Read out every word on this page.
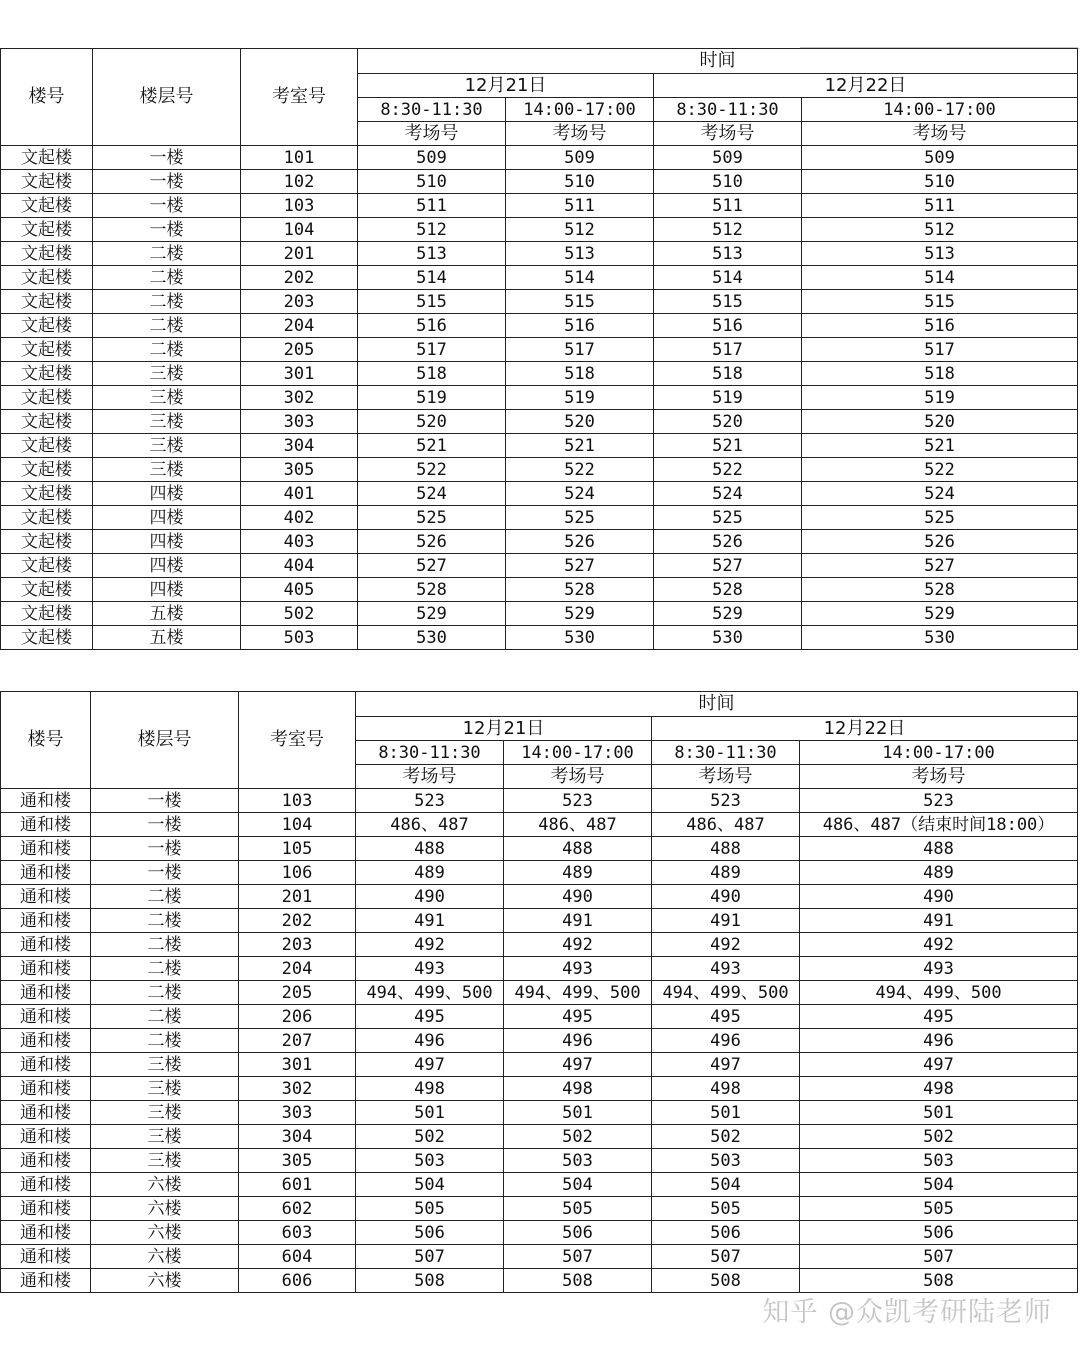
楼号	楼层号	考室号	时间			
			12月21日		12月22日	
			8:30-11:30	14:00-17:00	8:30-11:30	14:00-17:00
			考场号	考场号	考场号	考场号
文起楼	一楼	101	509	509	509	509
文起楼	一楼	102	510	510	510	510
文起楼	一楼	103	511	511	511	511
文起楼	一楼	104	512	512	512	512
文起楼	二楼	201	513	513	513	513
文起楼	二楼	202	514	514	514	514
文起楼	二楼	203	515	515	515	515
文起楼	二楼	204	516	516	516	516
文起楼	二楼	205	517	517	517	517
文起楼	三楼	301	518	518	518	518
文起楼	三楼	302	519	519	519	519
文起楼	三楼	303	520	520	520	520
文起楼	三楼	304	521	521	521	521
文起楼	三楼	305	522	522	522	522
文起楼	四楼	401	524	524	524	524
文起楼	四楼	402	525	525	525	525
文起楼	四楼	403	526	526	526	526
文起楼	四楼	404	527	527	527	527
文起楼	四楼	405	528	528	528	528
文起楼	五楼	502	529	529	529	529
文起楼	五楼	503	530	530	530	530
楼号	楼层号	考室号	时间			
			12月21日		12月22日	
			8:30-11:30	14:00-17:00	8:30-11:30	14:00-17:00
			考场号	考场号	考场号	考场号
通和楼	一楼	103	523	523	523	523
通和楼	一楼	104	486、487	486、487	486、487	486、487（结束时间18:00）
通和楼	一楼	105	488	488	488	488
通和楼	一楼	106	489	489	489	489
通和楼	二楼	201	490	490	490	490
通和楼	二楼	202	491	491	491	491
通和楼	二楼	203	492	492	492	492
通和楼	二楼	204	493	493	493	493
通和楼	二楼	205	494、499、500	494、499、500	494、499、500	494、499、500
通和楼	二楼	206	495	495	495	495
通和楼	二楼	207	496	496	496	496
通和楼	三楼	301	497	497	497	497
通和楼	三楼	302	498	498	498	498
通和楼	三楼	303	501	501	501	501
通和楼	三楼	304	502	502	502	502
通和楼	三楼	305	503	503	503	503
通和楼	六楼	601	504	504	504	504
通和楼	六楼	602	505	505	505	505
通和楼	六楼	603	506	506	506	506
通和楼	六楼	604	507	507	507	507
通和楼	六楼	606	508	508	508	508
知乎 @众凯考研陆老师
